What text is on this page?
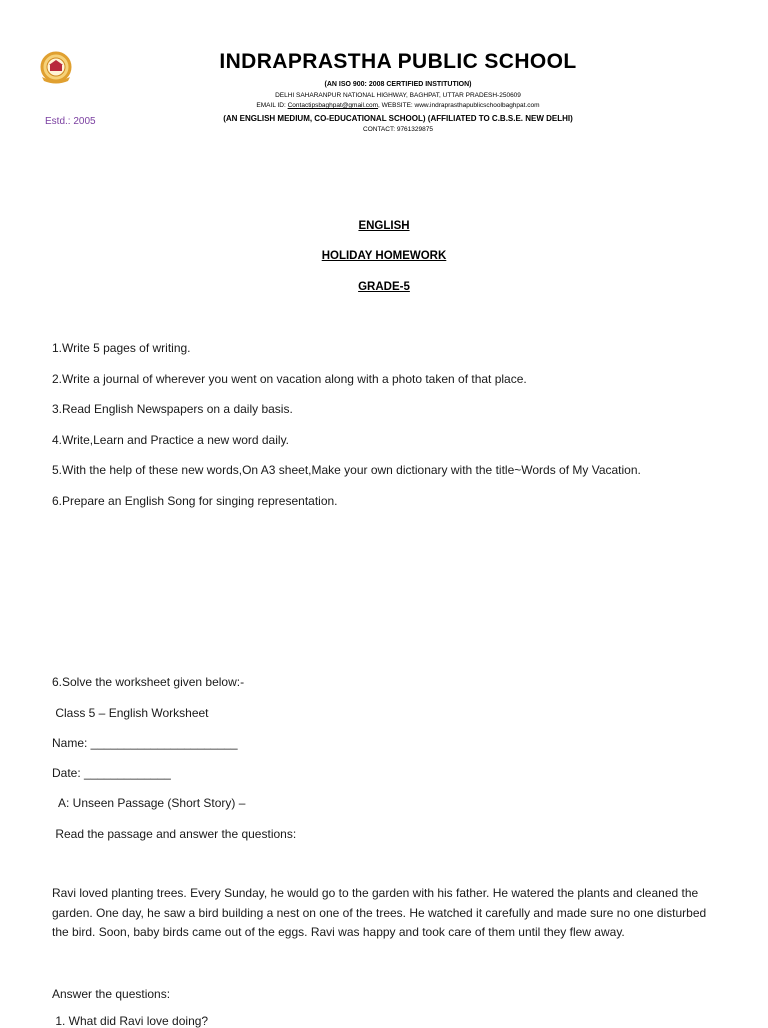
Estd.: 2005
INDRAPRASTHA PUBLIC SCHOOL
(AN ISO 900: 2008 CERTIFIED INSTITUTION)
DELHI SAHARANPUR NATIONAL HIGHWAY, BAGHPAT, UTTAR PRADESH-250609
EMAIL ID: Contactipsbaghpat@gmail.com, WEBSITE: www.indraprasthapublicschoolbaghpat.com
(AN ENGLISH MEDIUM, CO-EDUCATIONAL SCHOOL) (AFFILIATED TO C.B.S.E. NEW DELHI)
CONTACT: 9761329875
ENGLISH
HOLIDAY HOMEWORK
GRADE-5
1.Write 5 pages of writing.
2.Write a journal of wherever you went on vacation along with a photo taken of that place.
3.Read English Newspapers on a daily basis.
4.Write,Learn and Practice a new word daily.
5.With the help of these new words,On A3 sheet,Make your own dictionary with the title~Words of My Vacation.
6.Prepare an English Song for singing representation.
6.Solve the worksheet given below:-
Class 5 – English Worksheet
Name: ______________________
Date: _____________
A: Unseen Passage (Short Story) –
Read the passage and answer the questions:
Ravi loved planting trees. Every Sunday, he would go to the garden with his father. He watered the plants and cleaned the garden. One day, he saw a bird building a nest on one of the trees. He watched it carefully and made sure no one disturbed the bird. Soon, baby birds came out of the eggs. Ravi was happy and took care of them until they flew away.
Answer the questions:
1. What did Ravi love doing?
